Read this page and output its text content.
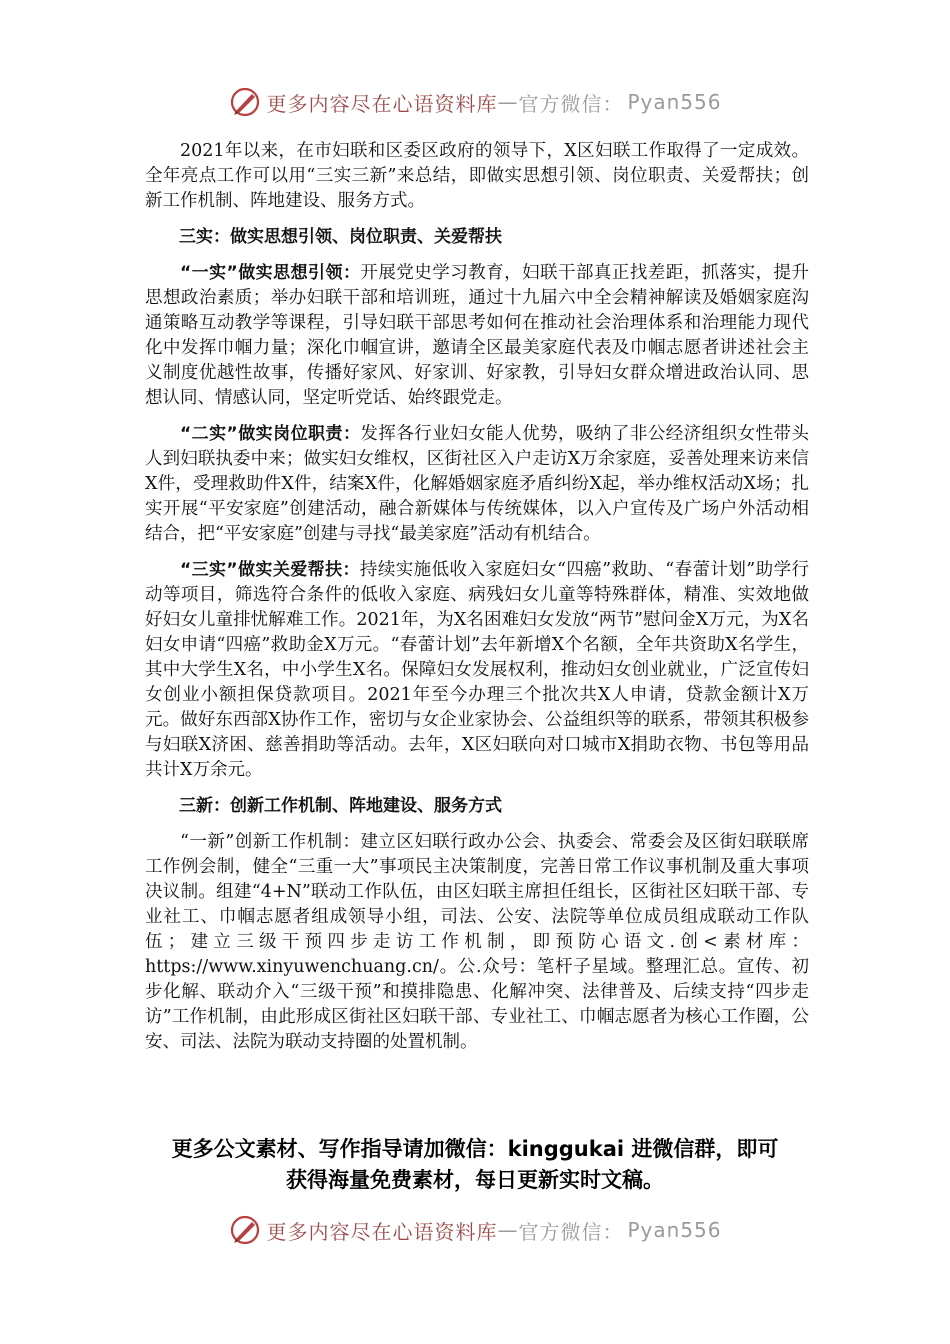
更多内容尽在心语资料库 — 官方微信： Pyan556

2021年以来，在市妇联和区委区政府的领导下，X区妇联工作取得了一定成效。全年亮点工作可以用“三实三新”来总结，即做实思想引领、岗位职责、关爱帮扶；创新工作机制、阵地建设、服务方式。

三实：做实思想引领、岗位职责、关爱帮扶

“一实”做实思想引领：开展党史学习教育，妇联干部真正找差距，抓落实，提升思想政治素质；举办妇联干部和培训班，通过十九届六中全会精神解读及婚姻家庭沟通策略互动教学等课程，引导妇联干部思考如何在推动社会治理体系和治理能力现代化中发挥巾帼力量；深化巾帼宣讲，邀请全区最美家庭代表及巾帼志愿者讲述社会主义制度优越性故事，传播好家风、好家训、好家教，引导妇女群众增进政治认同、思想认同、情感认同，坚定听党话、始终跟党走。

“二实”做实岗位职责：发挥各行业妇女能人优势，吸纳了非公经济组织女性带头人到妇联执委中来；做实妇女维权，区街社区入户走访X万余家庭，妥善处理来访来信X件，受理救助件X件，结案X件，化解婚姻家庭矛盾纠纷X起，举办维权活动X场；扎实开展“平安家庭”创建活动，融合新媒体与传统媒体，以入户宣传及广场户外活动相结合，把“平安家庭”创建与寻找“最美家庭”活动有机结合。

“三实”做实关爱帮扶：持续实施低收入家庭妇女“四癌”救助、“春蕾计划”助学行动等项目，筛选符合条件的低收入家庭、病残妇女儿童等特殊群体，精准、实效地做好妇女儿童排忧解难工作。2021年，为X名困难妇女发放“两节”慰问金X万元，为X名妇女申请“四癌”救助金X万元。“春蕾计划”去年新增X个名额，全年共资助X名学生，其中大学生X名，中小学生X名。保障妇女发展权利，推动妇女创业就业，广泛宣传妇女创业小额担保贷款项目。2021年至今办理三个批次共X人申请，贷款金额计X万元。做好东西部X协作工作，密切与女企业家协会、公益组织等的联系，带领其积极参与妇联X济困、慈善捐助等活动。去年，X区妇联向对口城市X捐助衣物、书包等用品共计X万余元。

三新：创新工作机制、阵地建设、服务方式

“一新”创新工作机制：建立区妇联行政办公会、执委会、常委会及区街妇联联席工作例会制，健全“三重一大”事项民主决策制度，完善日常工作议事机制及重大事项决议制。组建“4+N”联动工作队伍，由区妇联主席担任组长，区街社区妇联干部、专业社工、巾帼志愿者组成领导小组，司法、公安、法院等单位成员组成联动工作队伍；建立三级干预四步走访工作机制，即预防心语文.创<素材库：https://www.xinyuwenchuang.cn/。公.众号：笔杆子星域。整理汇总。宣传、初步化解、联动介入“三级干预”和摸排隐患、化解冲突、法律普及、后续支持“四步走访”工作机制，由此形成区街社区妇联干部、专业社工、巾帼志愿者为核心工作圈，公安、司法、法院为联动支持圈的处置机制。

更多公文素材、写作指导请加微信：kinggukai 进微信群，即可
获得海量免费素材，每日更新实时文稿。
更多内容尽在心语资料库 — 官方微信： Pyan556
